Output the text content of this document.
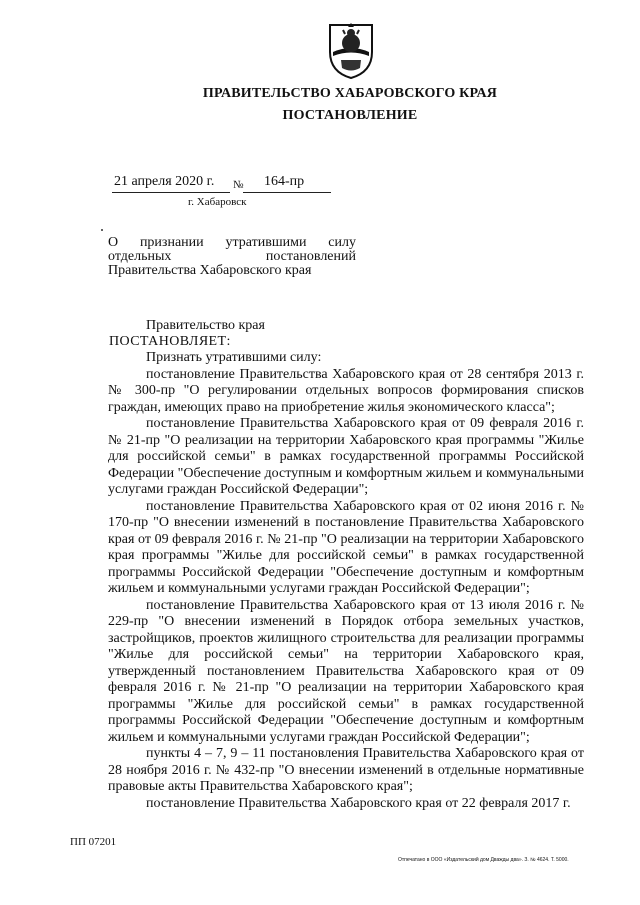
ПРАВИТЕЛЬСТВО ХАБАРОВСКОГО КРАЯ
ПОСТАНОВЛЕНИЕ
21 апреля 2020 г. № 164-пр
г. Хабаровск
О признании утратившими силу отдельных постановлений Правительства Хабаровского края
Правительство края
ПОСТАНОВЛЯЕТ:

Признать утратившими силу:

постановление Правительства Хабаровского края от 28 сентября 2013 г. № 300-пр "О регулировании отдельных вопросов формирования списков граждан, имеющих право на приобретение жилья экономического класса";

постановление Правительства Хабаровского края от 09 февраля 2016 г. № 21-пр "О реализации на территории Хабаровского края программы "Жилье для российской семьи" в рамках государственной программы Российской Федерации "Обеспечение доступным и комфортным жильем и коммунальными услугами граждан Российской Федерации";

постановление Правительства Хабаровского края от 02 июня 2016 г. № 170-пр "О внесении изменений в постановление Правительства Хабаровского края от 09 февраля 2016 г. № 21-пр "О реализации на территории Хабаровского края программы "Жилье для российской семьи" в рамках государственной программы Российской Федерации "Обеспечение доступным и комфортным жильем и коммунальными услугами граждан Российской Федерации";

постановление Правительства Хабаровского края от 13 июля 2016 г. № 229-пр "О внесении изменений в Порядок отбора земельных участков, застройщиков, проектов жилищного строительства для реализации программы "Жилье для российской семьи" на территории Хабаровского края, утвержденный постановлением Правительства Хабаровского края от 09 февраля 2016 г. № 21-пр "О реализации на территории Хабаровского края программы "Жилье для российской семьи" в рамках государственной программы Российской Федерации "Обеспечение доступным и комфортным жильем и коммунальными услугами граждан Российской Федерации";

пункты 4 – 7, 9 – 11 постановления Правительства Хабаровского края от 28 ноября 2016 г. № 432-пр "О внесении изменений в отдельные нормативные правовые акты Правительства Хабаровского края";

постановление Правительства Хабаровского края от 22 февраля 2017 г.

ПП 07201
Отпечатано в ООО «Издательский дом Дважды два». З. № 4624. Т. 5000.
